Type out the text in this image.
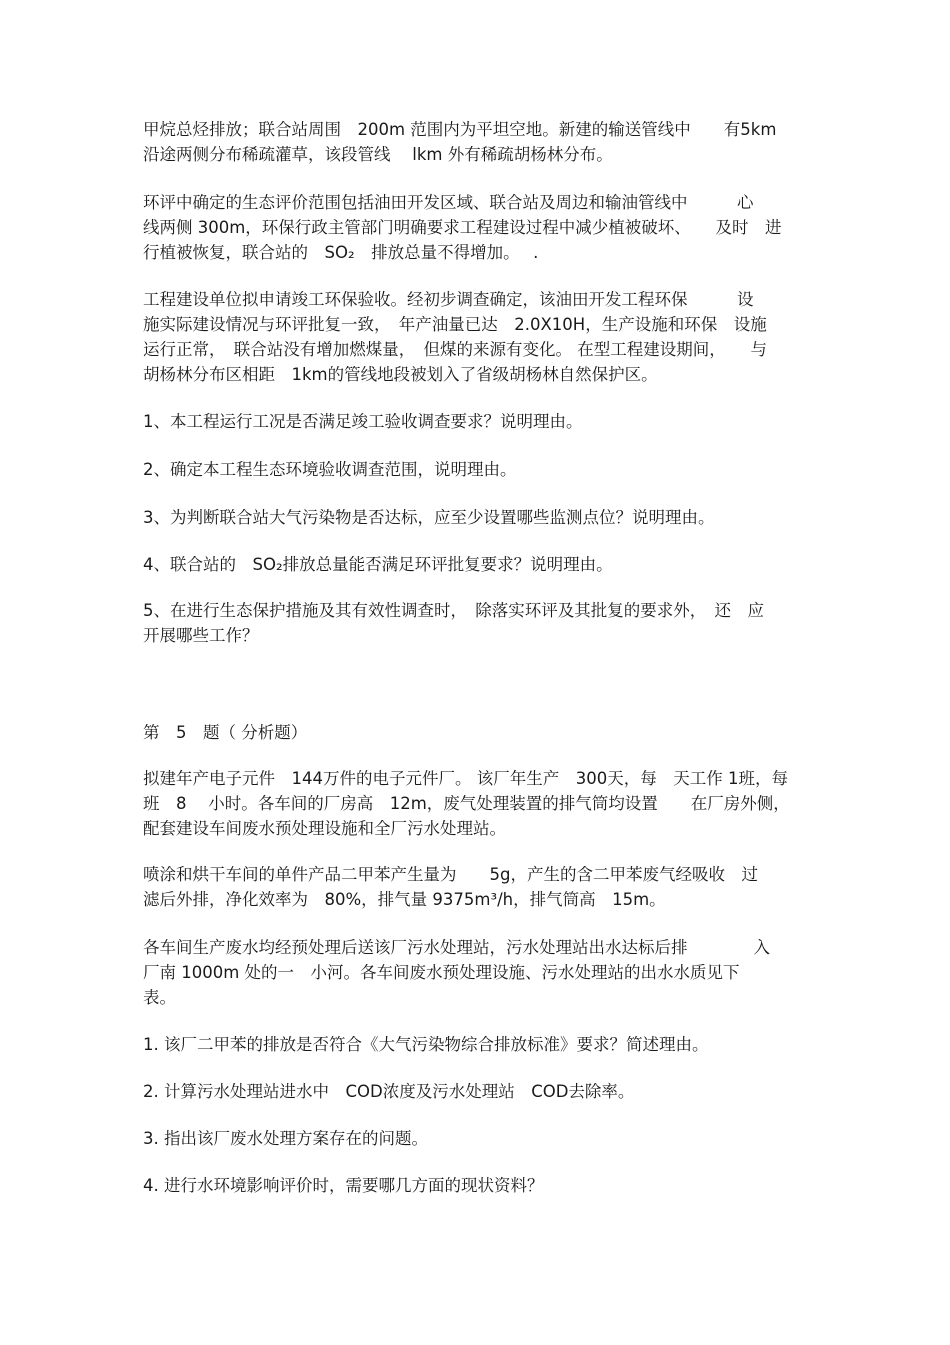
甲烷总烃排放；联合站周围　200m 范围内为平坦空地。新建的输送管线中　　有5km
沿途两侧分布稀疏灌草，该段管线　 lkm 外有稀疏胡杨林分布。
环评中确定的生态评价范围包括油田开发区域、联合站及周边和输油管线中　　　心
线两侧 300m，环保行政主管部门明确要求工程建设过程中减少植被破坏、　　及时　进
行植被恢复，联合站的　SO₂　排放总量不得增加。　 .
工程建设单位拟申请竣工环保验收。经初步调查确定，该油田开发工程环保　　　设
施实际建设情况与环评批复一致，　年产油量已达　2.0X10H，生产设施和环保　设施
运行正常，　联合站没有增加燃煤量，　但煤的来源有变化。 在型工程建设期间，　　与
胡杨林分布区相距　1km的管线地段被划入了省级胡杨林自然保护区。
1、本工程运行工况是否满足竣工验收调查要求？说明理由。
2、确定本工程生态环境验收调查范围，说明理由。
3、为判断联合站大气污染物是否达标，应至少设置哪些监测点位？说明理由。
4、联合站的　SO₂排放总量能否满足环评批复要求？说明理由。
5、在进行生态保护措施及其有效性调查时，　除落实环评及其批复的要求外，　还　应
开展哪些工作？
第　5　题（ 分析题）
拟建年产电子元件　144万件的电子元件厂。 该厂年生产　300天，每　天工作 1班，每
班　8　 小时。各车间的厂房高　12m，废气处理装置的排气筒均设置　　在厂房外侧，
配套建设车间废水预处理设施和全厂污水处理站。
喷涂和烘干车间的单件产品二甲苯产生量为　　5g，产生的含二甲苯废气经吸收　过
滤后外排，净化效率为　80%，排气量 9375m³/h，排气筒高　15m。
各车间生产废水均经预处理后送该厂污水处理站，污水处理站出水达标后排　　　　入
厂南 1000m 处的一　小河。各车间废水预处理设施、污水处理站的出水水质见下
表。
1. 该厂二甲苯的排放是否符合《大气污染物综合排放标准》要求？简述理由。
2. 计算污水处理站进水中　COD浓度及污水处理站　COD去除率。
3. 指出该厂废水处理方案存在的问题。
4. 进行水环境影响评价时，需要哪几方面的现状资料？
